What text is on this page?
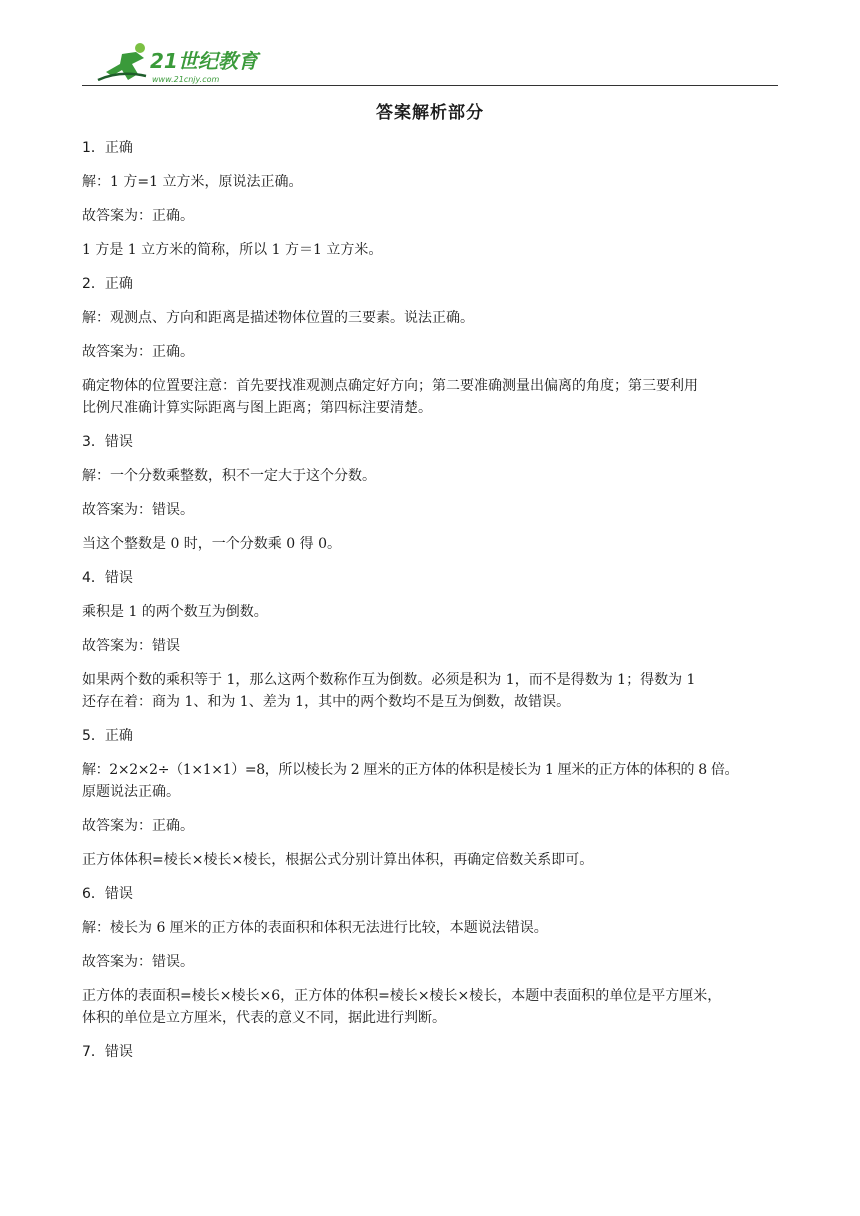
21世纪教育
www.21cnjy.com
答案解析部分

1．正确

解：1 方=1 立方米，原说法正确。

故答案为：正确。

1 方是 1 立方米的简称，所以 1 方＝1 立方米。

2．正确

解：观测点、方向和距离是描述物体位置的三要素。说法正确。

故答案为：正确。

确定物体的位置要注意：首先要找准观测点确定好方向；第二要准确测量出偏离的角度；第三要利用

比例尺准确计算实际距离与图上距离；第四标注要清楚。

3．错误

解：一个分数乘整数，积不一定大于这个分数。

故答案为：错误。

当这个整数是 0 时，一个分数乘 0 得 0。

4．错误

乘积是 1 的两个数互为倒数。

故答案为：错误

如果两个数的乘积等于 1，那么这两个数称作互为倒数。必须是积为 1，而不是得数为 1；得数为 1

还存在着：商为 1、和为 1、差为 1，其中的两个数均不是互为倒数，故错误。

5．正确

解：2×2×2÷（1×1×1）=8，所以棱长为 2 厘米的正方体的体积是棱长为 1 厘米的正方体的体积的 8 倍。

原题说法正确。

故答案为：正确。

正方体体积=棱长×棱长×棱长，根据公式分别计算出体积，再确定倍数关系即可。

6．错误

解：棱长为 6 厘米的正方体的表面积和体积无法进行比较，本题说法错误。

故答案为：错误。

正方体的表面积=棱长×棱长×6，正方体的体积=棱长×棱长×棱长，本题中表面积的单位是平方厘米，

体积的单位是立方厘米，代表的意义不同，据此进行判断。

7．错误
